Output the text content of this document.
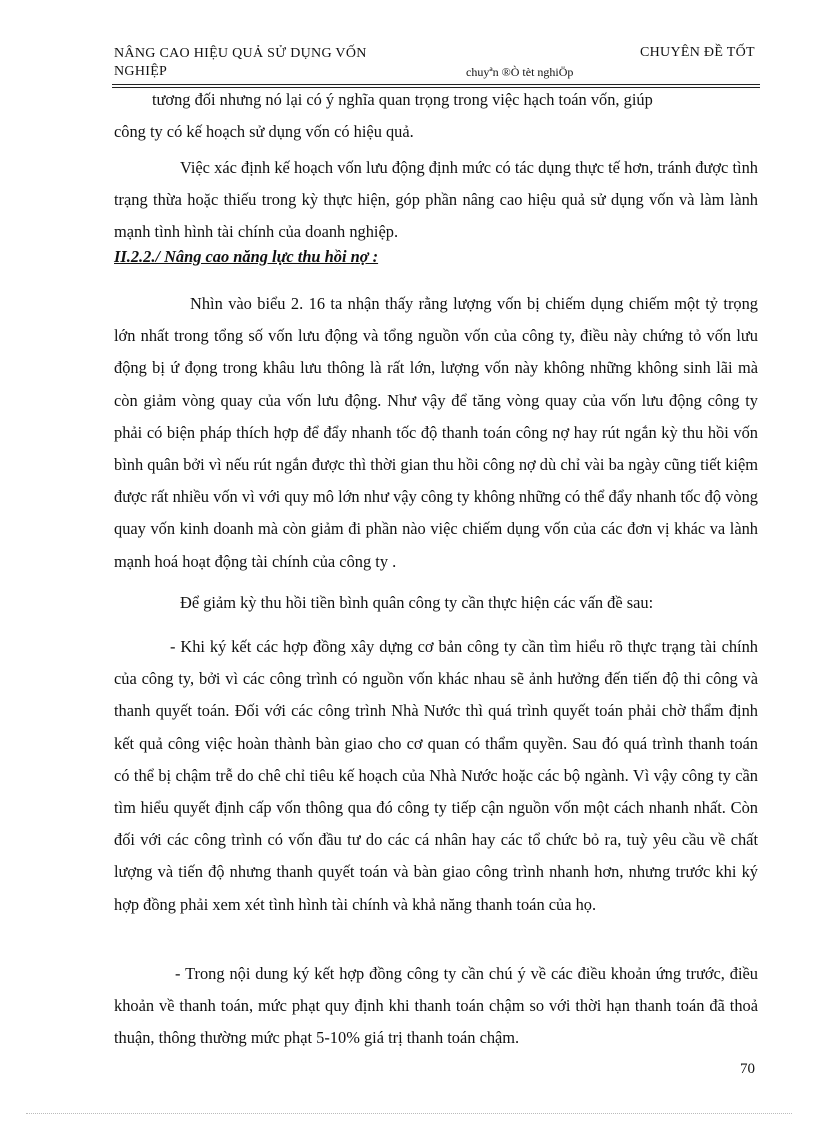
NÂNG CAO HIỆU QUẢ SỬ DỤNG VỐN
NGHIỆP
CHUYÊN ĐỀ TỐT
chuyªn ®Ò tèt nghiÖp

tương đối nhưng nó lại có ý nghĩa quan trọng trong việc hạch toán vốn, giúp

công ty có kế hoạch sử dụng vốn có hiệu quả.

Việc xác định kế hoạch vốn lưu động định mức có tác dụng thực tế hơn, tránh được tình trạng thừa hoặc thiếu trong kỳ thực hiện, góp phần nâng cao hiệu quả sử dụng vốn và làm lành mạnh tình hình tài chính của doanh nghiệp.

II.2.2./ Nâng cao năng lực thu hồi nợ :

Nhìn vào biểu 2. 16 ta nhận thấy rằng lượng vốn bị chiếm dụng chiếm một tỷ trọng lớn nhất trong tổng số vốn lưu động và tổng nguồn vốn của công ty, điều này chứng tỏ vốn lưu động bị ứ đọng trong khâu lưu thông là rất lớn, lượng vốn này không những không sinh lãi mà còn giảm vòng quay của vốn lưu động. Như vậy để tăng vòng quay của vốn lưu động công ty phải có biện pháp thích hợp để đẩy nhanh tốc độ thanh toán công nợ hay rút ngắn kỳ thu hồi vốn bình quân bởi vì nếu rút ngắn được thì thời gian thu hồi công nợ dù chỉ vài ba ngày cũng tiết kiệm được rất nhiều vốn vì với quy mô lớn như vậy công ty không những có thể đẩy nhanh tốc độ vòng quay vốn kinh doanh mà còn giảm đi phần nào việc chiếm dụng vốn của các đơn vị khác va lành mạnh hoá hoạt động tài chính của công ty .

Để giảm kỳ thu hồi tiền bình quân công ty cần thực hiện các vấn đề sau:

- Khi ký kết các hợp đồng xây dựng cơ bản công ty cần tìm hiểu rõ thực trạng tài chính của công ty, bởi vì các công trình có nguồn vốn khác nhau sẽ ảnh hưởng đến tiến độ thi công và thanh quyết toán. Đối với các công trình Nhà Nước thì quá trình quyết toán phải chờ thẩm định kết quả công việc hoàn thành bàn giao cho cơ quan có thẩm quyền. Sau đó quá trình thanh toán có thể bị chậm trễ do chê chỉ tiêu kế hoạch của Nhà Nước hoặc các bộ ngành. Vì vậy công ty cần tìm hiểu quyết định cấp vốn thông qua đó công ty tiếp cận nguồn vốn một cách nhanh nhất. Còn đối với các công trình có vốn đầu tư do các cá nhân hay các tổ chức bỏ ra, tuỳ yêu cầu về chất lượng và tiến độ nhưng thanh quyết toán và bàn giao công trình nhanh hơn, nhưng trước khi ký hợp đồng phải xem xét tình hình tài chính và khả năng thanh toán của họ.

- Trong nội dung ký kết hợp đồng công ty cần chú ý về các điều khoản ứng trước, điều khoản về thanh toán, mức phạt quy định khi thanh toán chậm so với thời hạn thanh toán đã thoả thuận, thông thường mức phạt 5-10% giá trị thanh toán chậm.

70
